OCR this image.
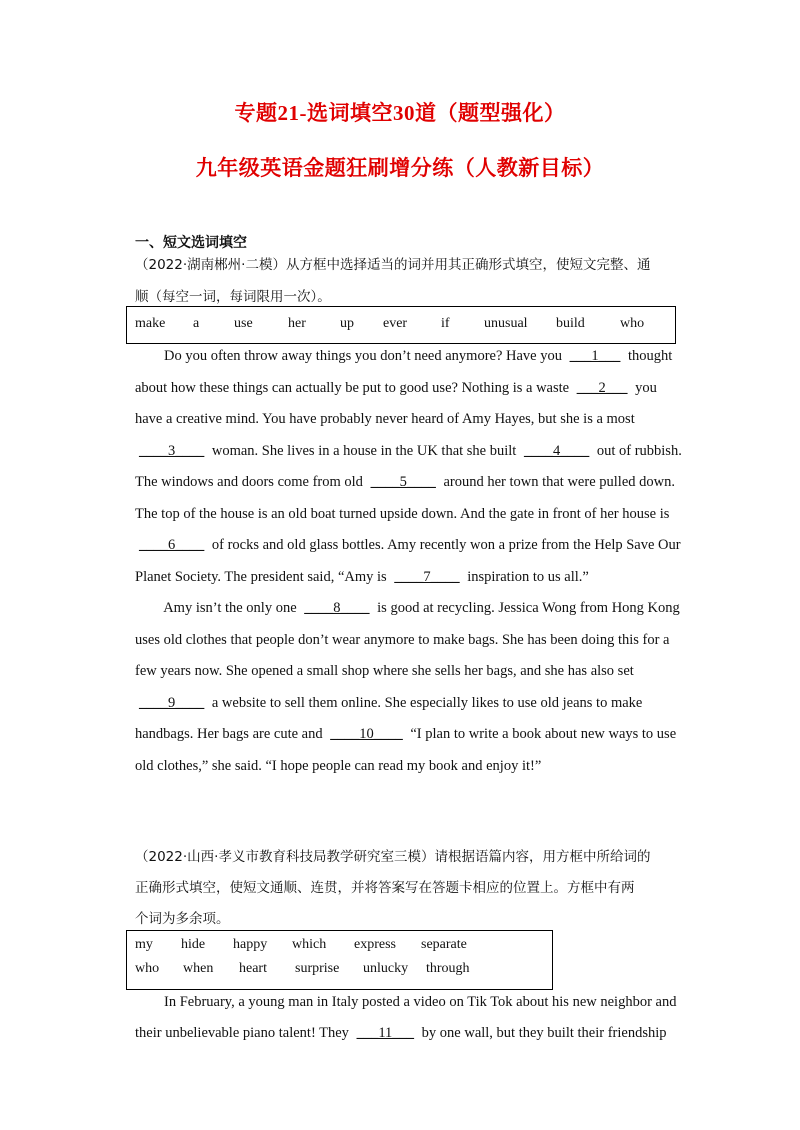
专题21-选词填空30道（题型强化）
九年级英语金题狂刷增分练（人教新目标）
一、短文选词填空
（2022·湖南郴州·二模）从方框中选择适当的词并用其正确形式填空，使短文完整、通
顺（每空一词，每词限用一次）。
make a use	her up ever if unusual build	who
Do you often throw away things you don’t need anymore? Have you ___1___ thought
about how these things can actually be put to good use? Nothing is a waste ___2___ you
have a creative mind. You have probably never heard of Amy Hayes, but she is a most
____3____ woman. She lives in a house in the UK that she built ____4____ out of rubbish.
The windows and doors come from old ____5____ around her town that were pulled down.
The top of the house is an old boat turned upside down. And the gate in front of her house is
____6____ of rocks and old glass bottles. Amy recently won a prize from the Help Save Our
Planet Society. The president said, “Amy is ____7____ inspiration to us all.”
Amy isn’t the only one ____8____ is good at recycling. Jessica Wong from Hong Kong
uses old clothes that people don’t wear anymore to make bags. She has been doing this for a
few years now. She opened a small shop where she sells her bags, and she has also set
____9____ a website to sell them online. She especially likes to use old jeans to make
handbags. Her bags are cute and ____10____ “I plan to write a book about new ways to use
old clothes,” she said. “I hope people can read my book and enjoy it!”
（2022·山西·孝义市教育科技局教学研究室三模）请根据语篇内容，用方框中所给词的
正确形式填空，使短文通顺、连贯，并将答案写在答题卡相应的位置上。方框中有两
个词为多余项。
my hide happy which express separate
who when heart surprise unlucky through
In February, a young man in Italy posted a video on Tik Tok about his new neighbor and
their unbelievable piano talent! They ___11___ by one wall, but they built their friendship
